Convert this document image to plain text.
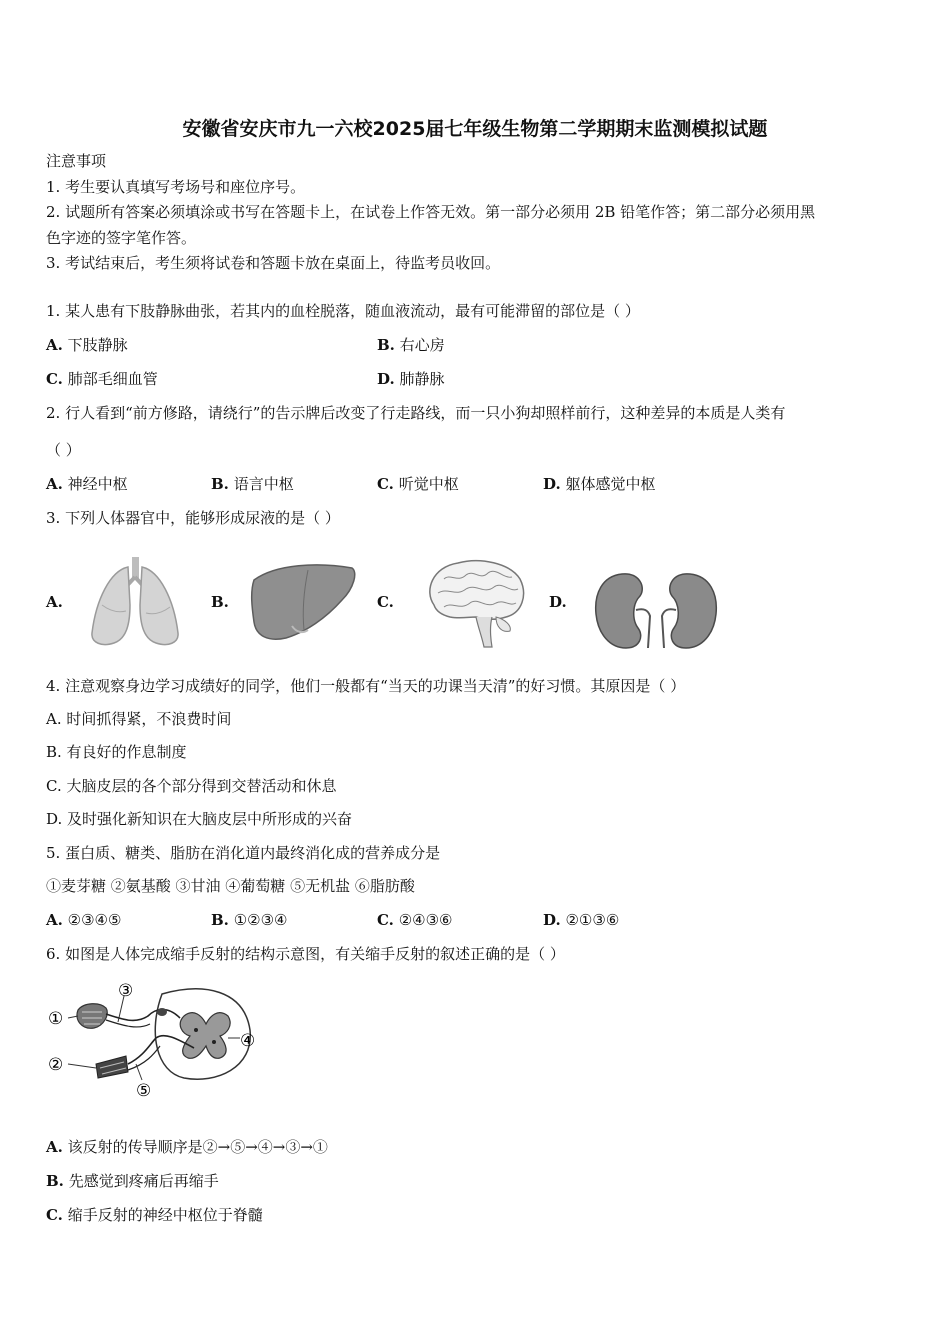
安徽省安庆市九一六校2025届七年级生物第二学期期末监测模拟试题
注意事项
1. 考生要认真填写考场号和座位序号。
2. 试题所有答案必须填涂或书写在答题卡上，在试卷上作答无效。第一部分必须用 2B 铅笔作答；第二部分必须用黑
色字迹的签字笔作答。
3. 考试结束后，考生须将试卷和答题卡放在桌面上，待监考员收回。
1. 某人患有下肢静脉曲张，若其内的血栓脱落，随血液流动，最有可能滞留的部位是（ ）
A. 下肢静脉	B. 右心房
C. 肺部毛细血管	D. 肺静脉
2. 行人看到“前方修路，请绕行”的告示牌后改变了行走路线，而一只小狗却照样前行，这种差异的本质是人类有
（ ）
A. 神经中枢	B. 语言中枢	C. 听觉中枢	D. 躯体感觉中枢
3. 下列人体器官中，能够形成尿液的是（ ）
A.	B.	C.	D.
4. 注意观察身边学习成绩好的同学，他们一般都有“当天的功课当天清”的好习惯。其原因是（ ）
A. 时间抓得紧，不浪费时间
B. 有良好的作息制度
C. 大脑皮层的各个部分得到交替活动和休息
D. 及时强化新知识在大脑皮层中所形成的兴奋
5. 蛋白质、糖类、脂肪在消化道内最终消化成的营养成分是
①麦芽糖 ②氨基酸 ③甘油 ④葡萄糖 ⑤无机盐 ⑥脂肪酸
A. ②③④⑤	B. ①②③④	C. ②④③⑥	D. ②①③⑥
6. 如图是人体完成缩手反射的结构示意图，有关缩手反射的叙述正确的是（ ）
①
②
③
④
⑤
A. 该反射的传导顺序是②→⑤→④→③→①
B. 先感觉到疼痛后再缩手
C. 缩手反射的神经中枢位于脊髓
